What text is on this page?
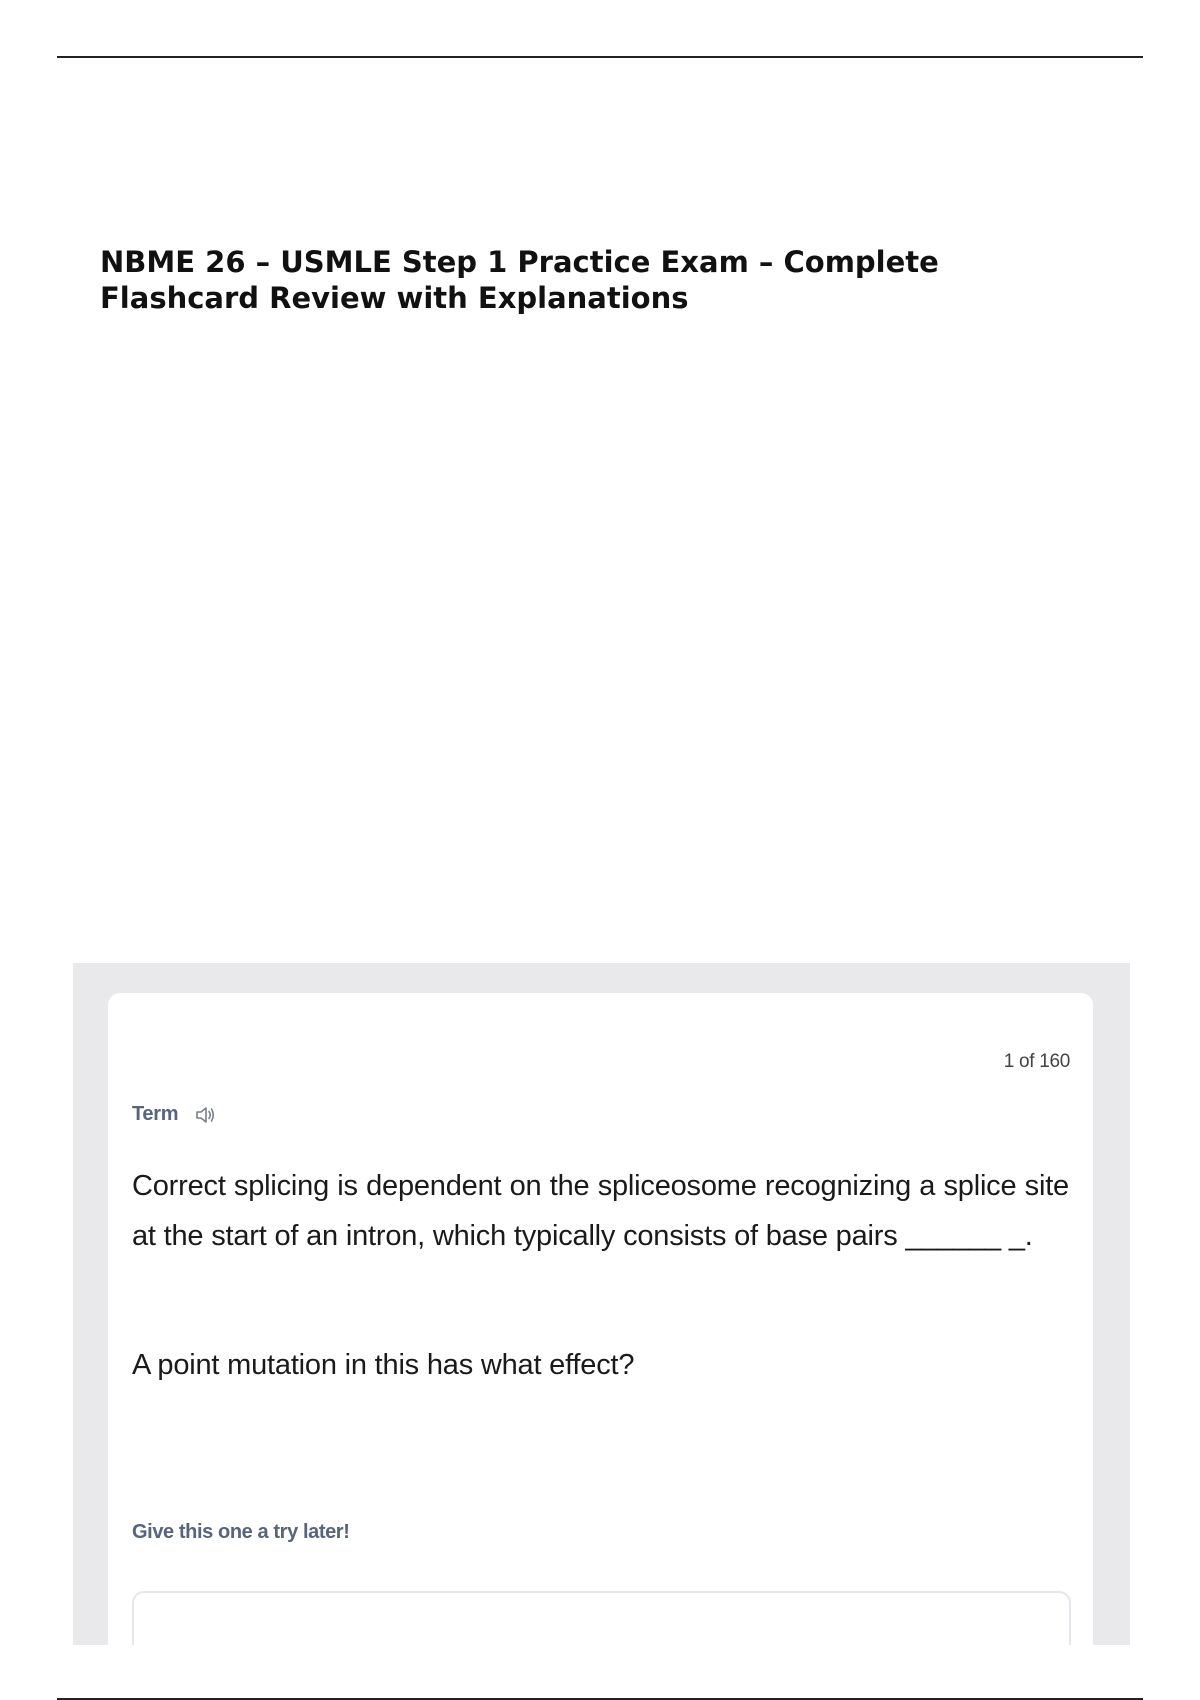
NBME 26 – USMLE Step 1 Practice Exam – Complete Flashcard Review with Explanations
1 of 160
Term

Correct splicing is dependent on the spliceosome recognizing a splice site at the start of an intron, which typically consists of base pairs ______ _.

A point mutation in this has what effect?

Give this one a try later!
